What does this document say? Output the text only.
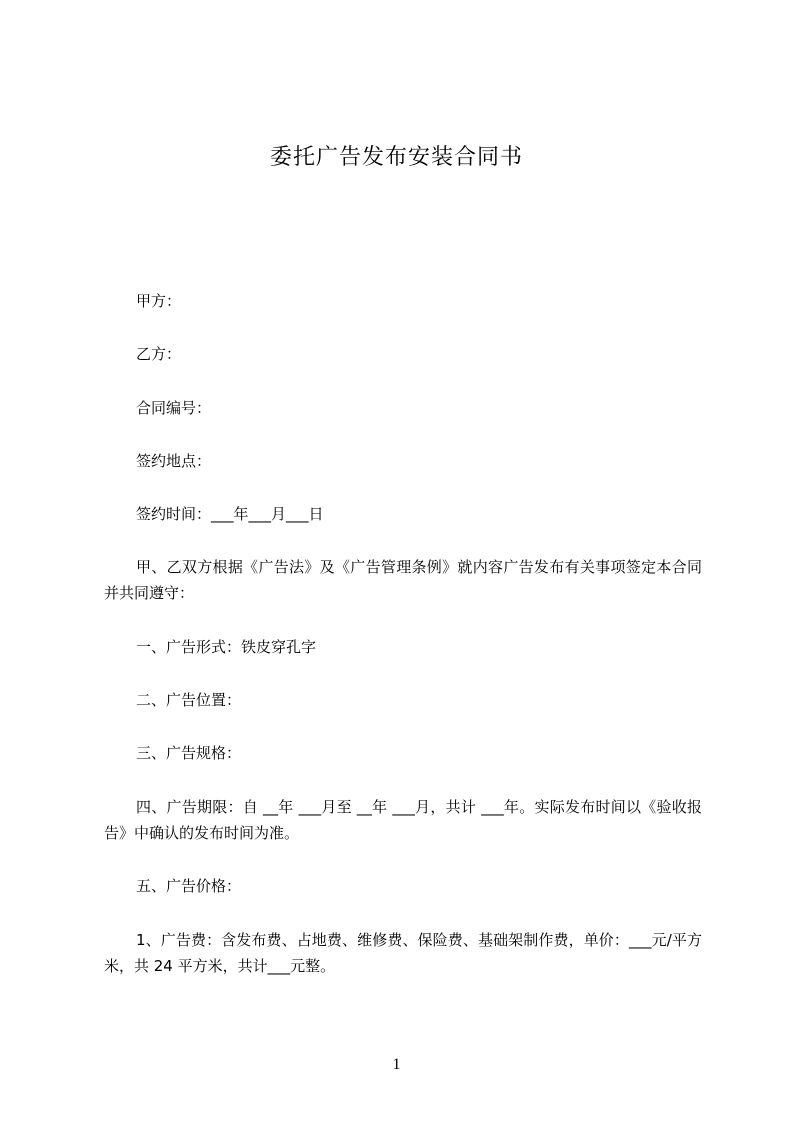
委托广告发布安装合同书

甲方：

乙方：

合同编号：

签约地点：

签约时间：___年___月___日

甲、乙双方根据《广告法》及《广告管理条例》就内容广告发布有关事项签定本合同并共同遵守：

一、广告形式：铁皮穿孔字

二、广告位置：

三、广告规格：

四、广告期限：自 __年 ___月至 __年 ___月，共计 ___年。实际发布时间以《验收报告》中确认的发布时间为准。

五、广告价格：

1、广告费：含发布费、占地费、维修费、保险费、基础架制作费，单价：___元/平方米，共 24 平方米，共计___元整。

1
